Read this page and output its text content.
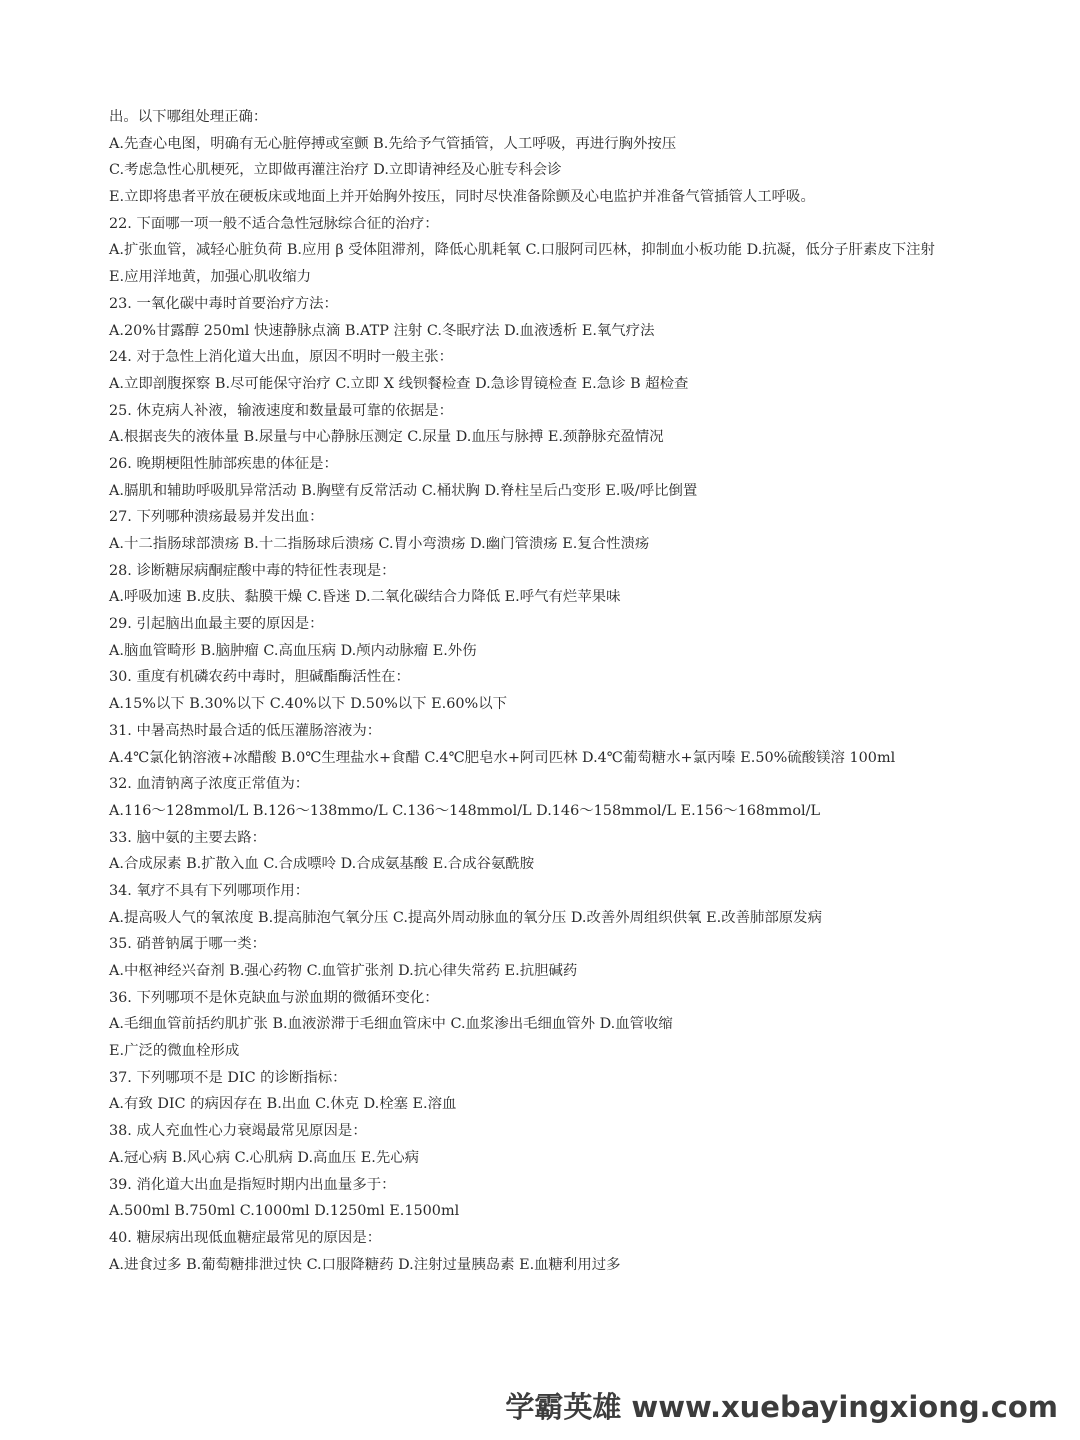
出。以下哪组处理正确：
A.先查心电图，明确有无心脏停搏或室颤 B.先给予气管插管，人工呼吸，再进行胸外按压
C.考虑急性心肌梗死，立即做再灌注治疗 D.立即请神经及心脏专科会诊
E.立即将患者平放在硬板床或地面上并开始胸外按压，同时尽快准备除颤及心电监护并准备气管插管人工呼吸。
22. 下面哪一项一般不适合急性冠脉综合征的治疗：
A.扩张血管，减轻心脏负荷 B.应用 β 受体阻滞剂，降低心肌耗氧 C.口服阿司匹林，抑制血小板功能 D.抗凝，低分子肝素皮下注射
E.应用洋地黄，加强心肌收缩力
23. 一氧化碳中毒时首要治疗方法：
A.20%甘露醇 250ml 快速静脉点滴 B.ATP 注射 C.冬眠疗法 D.血液透析 E.氧气疗法
24. 对于急性上消化道大出血，原因不明时一般主张：
A.立即剖腹探察 B.尽可能保守治疗 C.立即 X 线钡餐检查 D.急诊胃镜检查 E.急诊 B 超检查
25. 休克病人补液，输液速度和数量最可靠的依据是：
A.根据丧失的液体量 B.尿量与中心静脉压测定 C.尿量 D.血压与脉搏 E.颈静脉充盈情况
26. 晚期梗阻性肺部疾患的体征是：
A.膈肌和辅助呼吸肌异常活动 B.胸壁有反常活动 C.桶状胸 D.脊柱呈后凸变形 E.吸/呼比倒置
27. 下列哪种溃疡最易并发出血：
A.十二指肠球部溃疡 B.十二指肠球后溃疡 C.胃小弯溃疡 D.幽门管溃疡 E.复合性溃疡
28. 诊断糖尿病酮症酸中毒的特征性表现是：
A.呼吸加速 B.皮肤、黏膜干燥 C.昏迷 D.二氧化碳结合力降低 E.呼气有烂苹果味
29. 引起脑出血最主要的原因是：
A.脑血管畸形 B.脑肿瘤 C.高血压病 D.颅内动脉瘤 E.外伤
30. 重度有机磷农药中毒时，胆碱酯酶活性在：
A.15%以下 B.30%以下 C.40%以下 D.50%以下 E.60%以下
31. 中暑高热时最合适的低压灌肠溶液为：
A.4℃氯化钠溶液+冰醋酸 B.0℃生理盐水+食醋 C.4℃肥皂水+阿司匹林 D.4℃葡萄糖水+氯丙嗪 E.50%硫酸镁溶 100ml
32. 血清钠离子浓度正常值为：
A.116～128mmol/L B.126～138mmo/L C.136～148mmol/L D.146～158mmol/L E.156～168mmol/L
33. 脑中氨的主要去路：
A.合成尿素 B.扩散入血 C.合成嘌呤 D.合成氨基酸 E.合成谷氨酰胺
34. 氧疗不具有下列哪项作用：
A.提高吸人气的氧浓度 B.提高肺泡气氧分压 C.提高外周动脉血的氧分压 D.改善外周组织供氧 E.改善肺部原发病
35. 硝普钠属于哪一类：
A.中枢神经兴奋剂 B.强心药物 C.血管扩张剂 D.抗心律失常药 E.抗胆碱药
36. 下列哪项不是休克缺血与淤血期的微循环变化：
A.毛细血管前括约肌扩张 B.血液淤滞于毛细血管床中 C.血浆渗出毛细血管外 D.血管收缩
E.广泛的微血栓形成
37. 下列哪项不是 DIC 的诊断指标：
A.有致 DIC 的病因存在 B.出血 C.休克 D.栓塞 E.溶血
38. 成人充血性心力衰竭最常见原因是：
A.冠心病 B.风心病 C.心肌病 D.高血压 E.先心病
39. 消化道大出血是指短时期内出血量多于：
A.500ml B.750ml C.1000ml D.1250ml E.1500ml
40. 糖尿病出现低血糖症最常见的原因是：
A.进食过多 B.葡萄糖排泄过快 C.口服降糖药 D.注射过量胰岛素 E.血糖利用过多
学霸英雄 www.xuebayingxiong.com
